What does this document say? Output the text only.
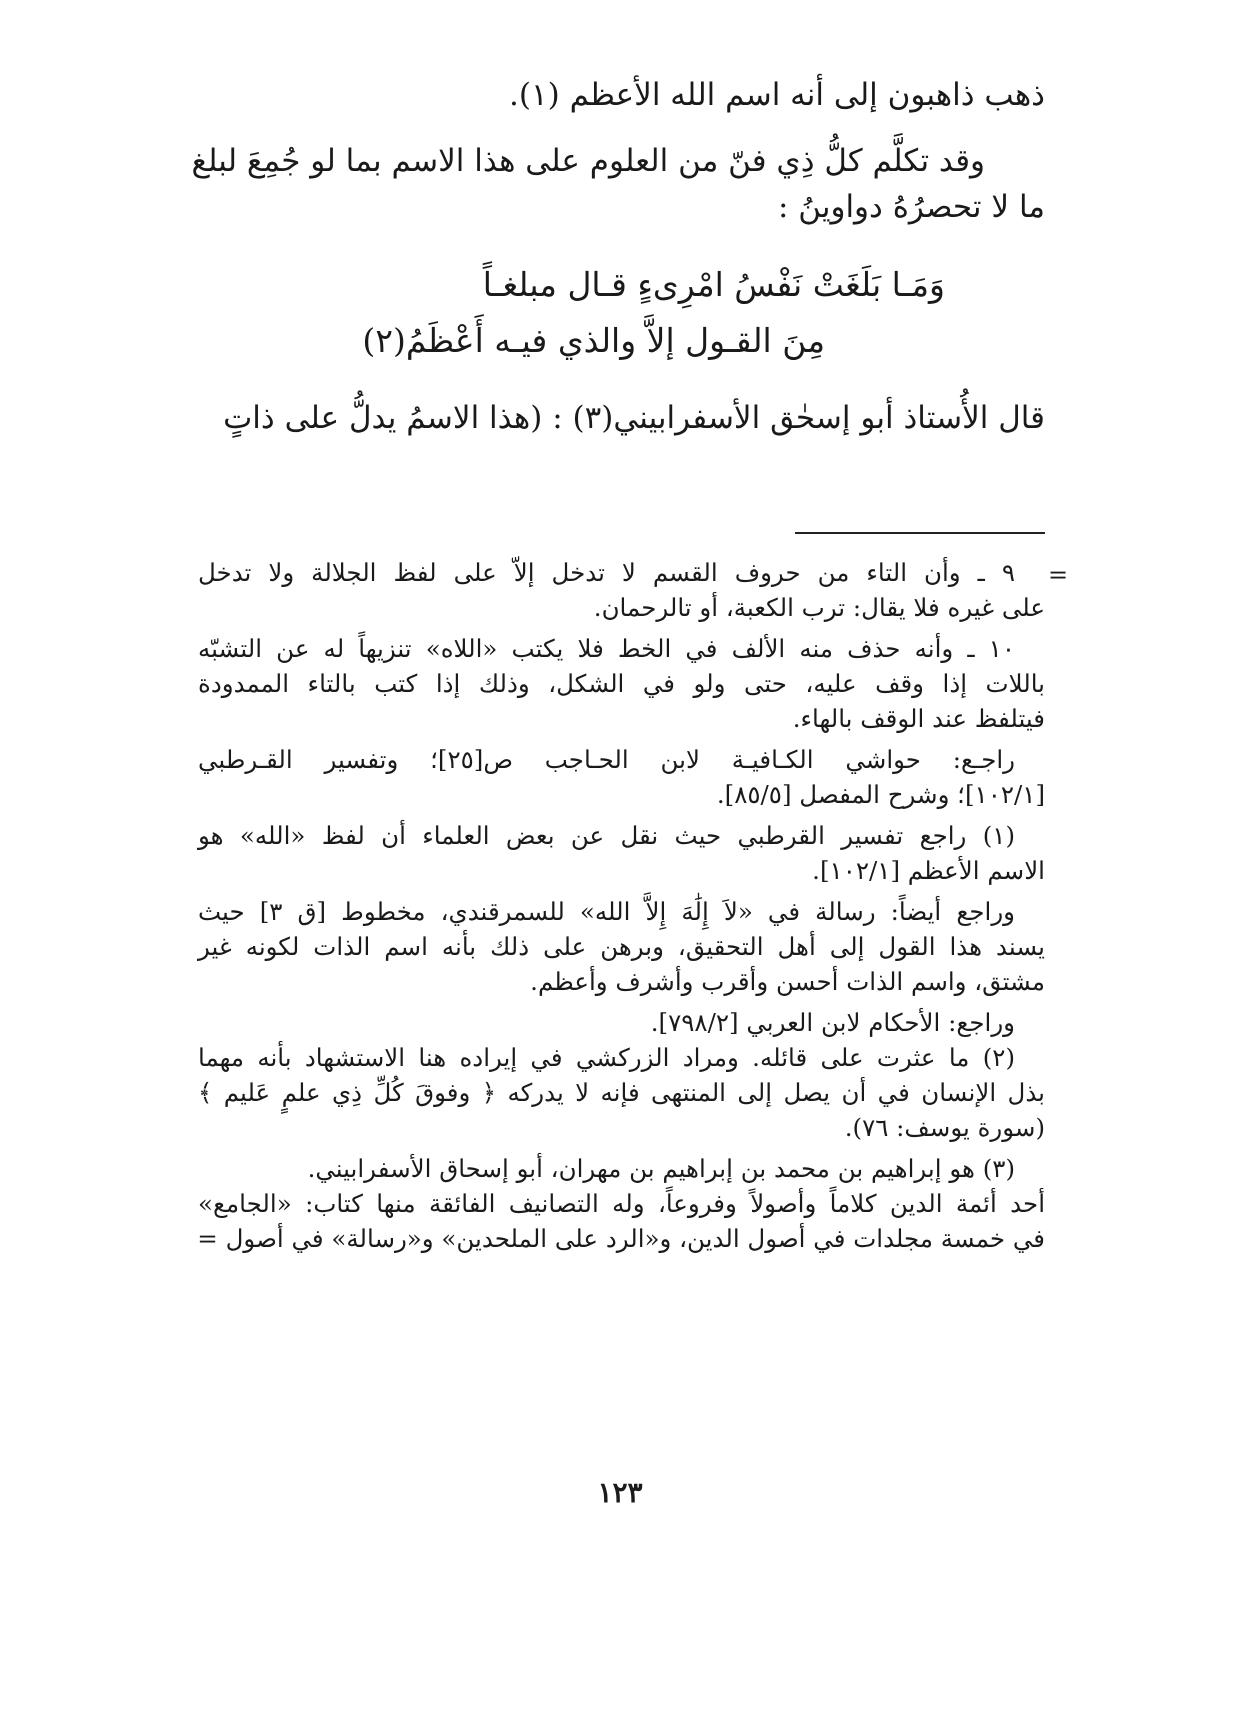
ذهب ذاهبون إلى أنه اسم الله الأعظم (١).

وقد تكلَّم كلُّ ذِي فنّ من العلوم على هذا الاسم بما لو جُمِعَ لبلغ

ما لا تحصرُهُ دواوينُ :

وَمَـا بَلَغَتْ نَفْسُ امْرِىءٍ قـال مبلغـاً

مِنَ القـول إلاَّ والذي فيـه أَعْظَمُ(٢)

قال الأُستاذ أبو إسحٰق الأسفرابيني(٣) : (هذا الاسمُ يدلُّ على ذاتٍ

=

٩ ـ وأن التاء من حروف القسم لا تدخل إلاّ على لفظ الجلالة ولا تدخل

على غيره فلا يقال: ترب الكعبة، أو تالرحمان.

١٠ ـ وأنه حذف منه الألف في الخط فلا يكتب «اللاه» تنزيهاً له عن التشبّه

باللات إذا وقف عليه، حتى ولو في الشكل، وذلك إذا كتب بالتاء الممدودة

فيتلفظ عند الوقف بالهاء.

راجـع: حواشي الكـافيـة لابن الحـاجب ص[٢٥]؛ وتفسير القـرطبي

[١٠٢/١]؛ وشرح المفصل [٨٥/٥].

(١) راجع تفسير القرطبي حيث نقل عن بعض العلماء أن لفظ «الله» هو

الاسم الأعظم [١٠٢/١].

وراجع أيضاً: رسالة في «لاَ إِلَٰهَ إِلاَّ الله» للسمرقندي، مخطوط [ق ٣] حيث

يسند هذا القول إلى أهل التحقيق، وبرهن على ذلك بأنه اسم الذات لكونه غير

مشتق، واسم الذات أحسن وأقرب وأشرف وأعظم.

وراجع: الأحكام لابن العربي [٧٩٨/٢].

(٢) ما عثرت على قائله. ومراد الزركشي في إيراده هنا الاستشهاد بأنه مهما

بذل الإنسان في أن يصل إلى المنتهى فإنه لا يدركه ﴿ وفوقَ كُلِّ ذِي علمٍ عَليم ﴾

(سورة يوسف: ٧٦).

(٣) هو إبراهيم بن محمد بن إبراهيم بن مهران، أبو إسحاق الأسفرابيني.

أحد أئمة الدين كلاماً وأصولاً وفروعاً، وله التصانيف الفائقة منها كتاب: «الجامع»

في خمسة مجلدات في أصول الدين، و«الرد على الملحدين» و«رسالة» في أصول =

١٢٣
